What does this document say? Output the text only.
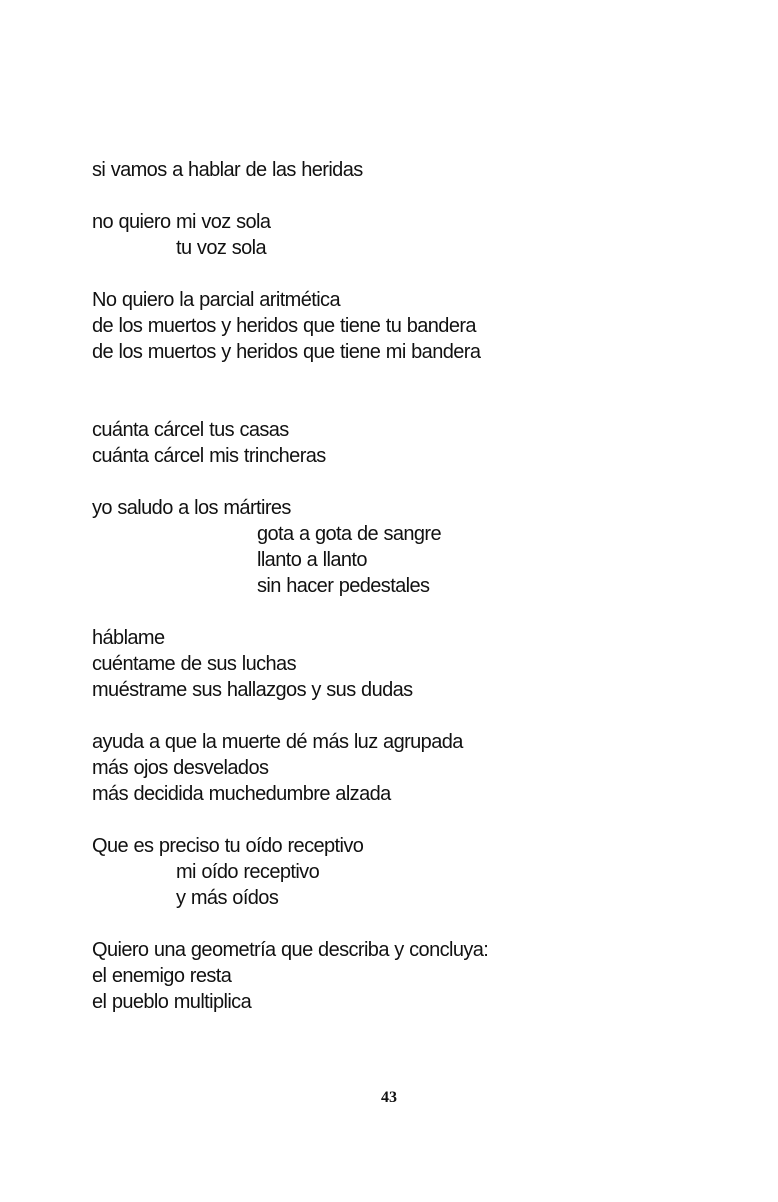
si vamos a hablar de las heridas
no quiero mi voz sola
tu voz sola
No quiero la parcial aritmética
de los muertos y heridos que tiene tu bandera
de los muertos y heridos que tiene mi bandera
cuánta cárcel tus casas
cuánta cárcel mis trincheras
yo saludo a los mártires
gota a gota de sangre
llanto a llanto
sin hacer pedestales
háblame
cuéntame de sus luchas
muéstrame sus hallazgos y sus dudas
ayuda a que la muerte dé más luz agrupada
más ojos desvelados
más decidida muchedumbre alzada
Que es preciso tu oído receptivo
mi oído receptivo
y más oídos
Quiero una geometría que describa y concluya:
el enemigo resta
el pueblo multiplica
43
